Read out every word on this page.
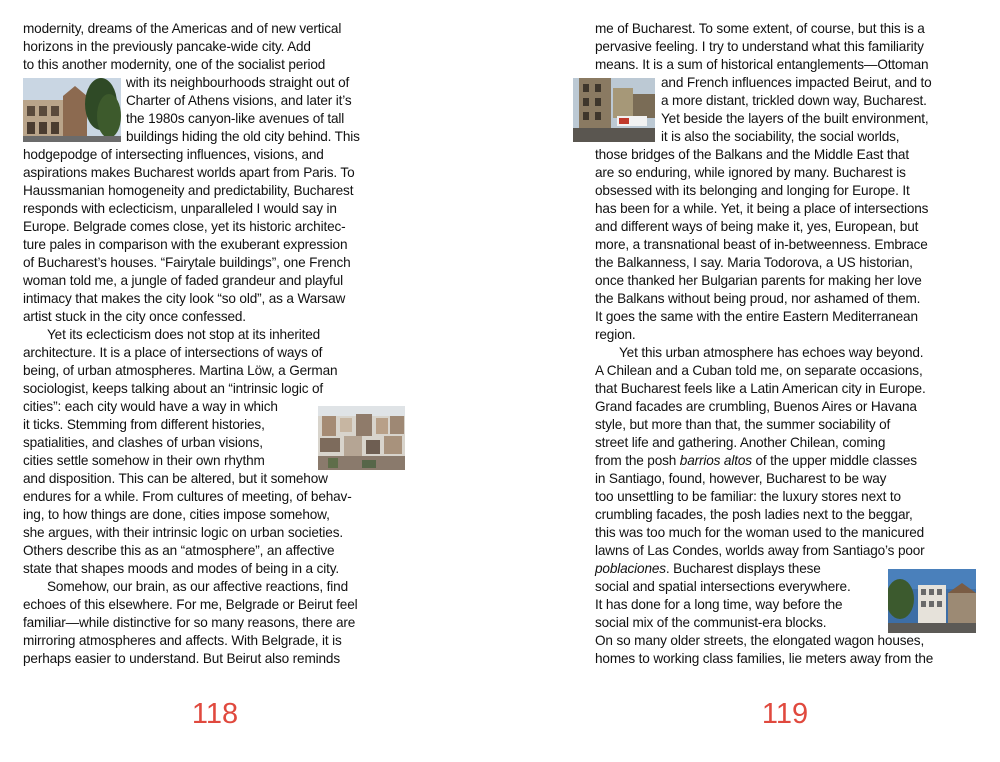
modernity, dreams of the Americas and of new vertical
horizons in the previously pancake-wide city. Add
to this another modernity, one of the socialist period
with its neighbourhoods straight out of
Charter of Athens visions, and later it’s
the 1980s canyon-like avenues of tall
buildings hiding the old city behind. This
hodgepodge of intersecting influences, visions, and
aspirations makes Bucharest worlds apart from Paris. To
Haussmanian homogeneity and predictability, Bucharest
responds with eclecticism, unparalleled I would say in
Europe. Belgrade comes close, yet its historic architec-
ture pales in comparison with the exuberant expression
of Bucharest’s houses. “Fairytale buildings”, one French
woman told me, a jungle of faded grandeur and playful
intimacy that makes the city look “so old”, as a Warsaw
artist stuck in the city once confessed.
Yet its eclecticism does not stop at its inherited
architecture. It is a place of intersections of ways of
being, of urban atmospheres. Martina Löw, a German
sociologist, keeps talking about an “intrinsic logic of
cities”: each city would have a way in which
it ticks. Stemming from different histories,
spatialities, and clashes of urban visions,
cities settle somehow in their own rhythm
and disposition. This can be altered, but it somehow
endures for a while. From cultures of meeting, of behav-
ing, to how things are done, cities impose somehow,
she argues, with their intrinsic logic on urban societies.
Others describe this as an “atmosphere”, an affective
state that shapes moods and modes of being in a city.
Somehow, our brain, as our affective reactions, find
echoes of this elsewhere. For me, Belgrade or Beirut feel
familiar—while distinctive for so many reasons, there are
mirroring atmospheres and affects. With Belgrade, it is
perhaps easier to understand. But Beirut also reminds
118
me of Bucharest. To some extent, of course, but this is a
pervasive feeling. I try to understand what this familiarity
means. It is a sum of historical entanglements—Ottoman
and French influences impacted Beirut, and to
a more distant, trickled down way, Bucharest.
Yet beside the layers of the built environment,
it is also the sociability, the social worlds,
those bridges of the Balkans and the Middle East that
are so enduring, while ignored by many. Bucharest is
obsessed with its belonging and longing for Europe. It
has been for a while. Yet, it being a place of intersections
and different ways of being make it, yes, European, but
more, a transnational beast of in-betweenness. Embrace
the Balkanness, I say. Maria Todorova, a US historian,
once thanked her Bulgarian parents for making her love
the Balkans without being proud, nor ashamed of them.
It goes the same with the entire Eastern Mediterranean
region.
Yet this urban atmosphere has echoes way beyond.
A Chilean and a Cuban told me, on separate occasions,
that Bucharest feels like a Latin American city in Europe.
Grand facades are crumbling, Buenos Aires or Havana
style, but more than that, the summer sociability of
street life and gathering. Another Chilean, coming
from the posh barrios altos of the upper middle classes
in Santiago, found, however, Bucharest to be way
too unsettling to be familiar: the luxury stores next to
crumbling facades, the posh ladies next to the beggar,
this was too much for the woman used to the manicured
lawns of Las Condes, worlds away from Santiago’s poor
poblaciones. Bucharest displays these
social and spatial intersections everywhere.
It has done for a long time, way before the
social mix of the communist-era blocks.
On so many older streets, the elongated wagon houses,
homes to working class families, lie meters away from the
119
